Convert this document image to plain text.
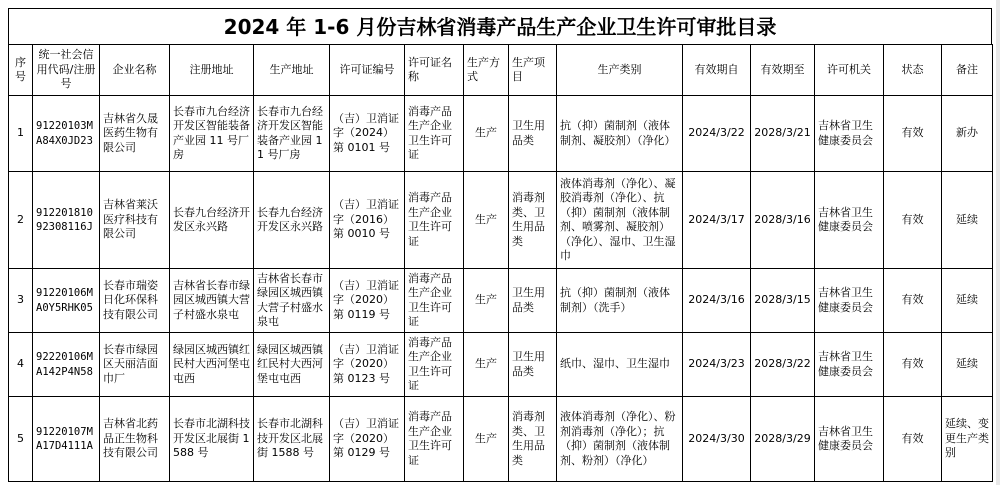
2024 年 1-6 月份吉林省消毒产品生产企业卫生许可审批目录
序号	统一社会信用代码/注册号	企业名称	注册地址	生产地址	许可证编号	许可证名称	生产方式	生产项目	生产类别	有效期自	有效期至	许可机关	状态	备注
1	91220103MA84X0JD23	吉林省久晟医药生物有限公司	长春市九台经济开发区智能装备产业园 11 号厂房	长春市九台经济开发区智能装备产业园 11 号厂房	（吉）卫消证字（2024）第 0101 号	消毒产品生产企业卫生许可证	生产	卫生用品类	抗（抑）菌制剂（液体制剂、凝胶剂）（净化）	2024/3/22	2028/3/21	吉林省卫生健康委员会	有效	新办
2	91220181092308116J	吉林省莱沃医疗科技有限公司	长春九台经济开发区永兴路	长春九台经济开发区永兴路	（吉）卫消证字（2016）第 0010 号	消毒产品生产企业卫生许可证	生产	消毒剂类、卫生用品类	液体消毒剂（净化）、凝胶消毒剂（净化）、抗（抑）菌制剂（液体制剂、喷雾剂、凝胶剂）（净化）、湿巾、卫生湿巾	2024/3/17	2028/3/16	吉林省卫生健康委员会	有效	延续
3	91220106MA0Y5RHK05	长春市瑞姿日化环保科技有限公司	吉林省长春市绿园区城西镇大营子村盛水泉屯	吉林省长春市绿园区城西镇大营子村盛水泉屯	（吉）卫消证字（2020）第 0119 号	消毒产品生产企业卫生许可证	生产	卫生用品类	抗（抑）菌制剂（液体制剂）（洗手）	2024/3/16	2028/3/15	吉林省卫生健康委员会	有效	延续
4	92220106MA142P4N58	长春市绿园区天丽洁面巾厂	绿园区城西镇红民村大西河堡屯屯西	绿园区城西镇红民村大西河堡屯屯西	（吉）卫消证字（2020）第 0123 号	消毒产品生产企业卫生许可证	生产	卫生用品类	纸巾、湿巾、卫生湿巾	2024/3/23	2028/3/22	吉林省卫生健康委员会	有效	延续
5	91220107MA17D4111A	吉林省北药品正生物科技有限公司	长春市北湖科技开发区北展街 1588 号	长春市北湖科技开发区北展街 1588 号	（吉）卫消证字（2020）第 0129 号	消毒产品生产企业卫生许可证	生产	消毒剂类、卫生用品类	液体消毒剂（净化）、粉剂消毒剂（净化）；抗（抑）菌制剂（液体制剂、粉剂）（净化）	2024/3/30	2028/3/29	吉林省卫生健康委员会	有效	延续、变更生产类别
